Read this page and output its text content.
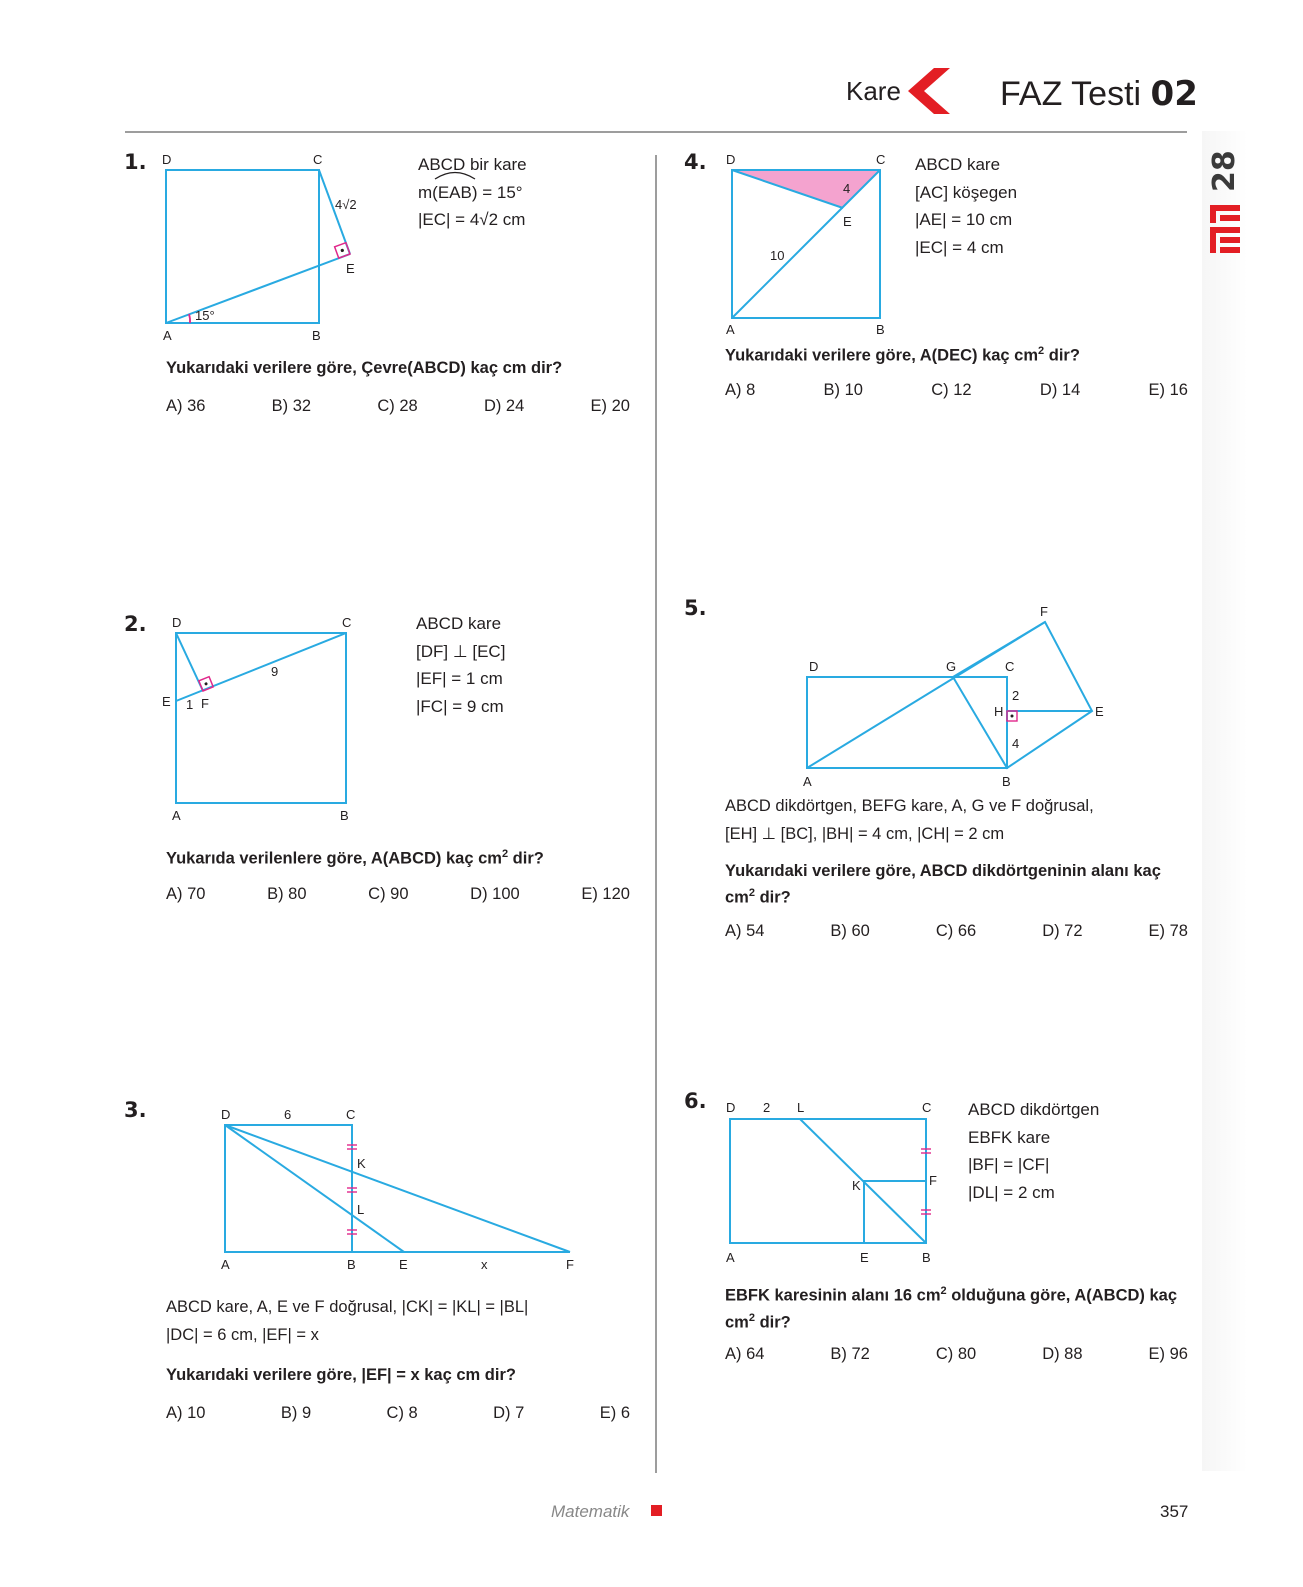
Kare	FAZ Testi 02
28
1. D	C
A	B
E
4√2
15°
ABCD bir kare
m(EAB) = 15°
|EC| = 4√2 cm
Yukarıdaki verilere göre, Çevre(ABCD) kaç cm dir?
A) 36	B) 32	C) 28	D) 24	E) 20
2. D	C
A	B
E F
1
9
ABCD kare
[DF] ⊥ [EC]
|EF| = 1 cm
|FC| = 9 cm
Yukarıda verilenlere göre, A(ABCD) kaç $cm^2$ dir?
A) 70	B) 80	C) 90	D) 100	E) 120
3.	D	C
6
A	B	E	x	F
K
L
ABCD kare, A, E ve F doğrusal, |CK| = |KL| = |BL|
|DC| = 6 cm, |EF| = x
Yukarıdaki verilere göre, |EF| = x kaç cm dir?
A) 10	B) 9	C) 8	D) 7	E) 6
4. D	C
A	B
E
4
10
ABCD kare
[AC] köşegen
|AE| = 10 cm
|EC| = 4 cm
Yukarıdaki verilere göre, A(DEC) kaç $cm^2$ dir?
A) 8	B) 10	C) 12	D) 14	E) 16
5.
D	G	C
F
E
H
A	B
2
4
ABCD dikdörtgen, BEFG kare, A, G ve F doğrusal,
[EH] ⊥ [BC], |BH| = 4 cm, |CH| = 2 cm
Yukarıdaki verilere göre, ABCD dikdörtgeninin alanı kaç
$cm^2$ dir?
A) 54	B) 60	C) 66	D) 72	E) 78
6. D 2 L	C
K	F
A	E	B
ABCD dikdörtgen
EBFK kare
|BF| = |CF|
|DL| = 2 cm
EBFK karesinin alanı 16 $cm^2$ olduğuna göre, A(ABCD) kaç
$cm^2$ dir?
A) 64	B) 72	C) 80	D) 88	E) 96
Matematik	357
